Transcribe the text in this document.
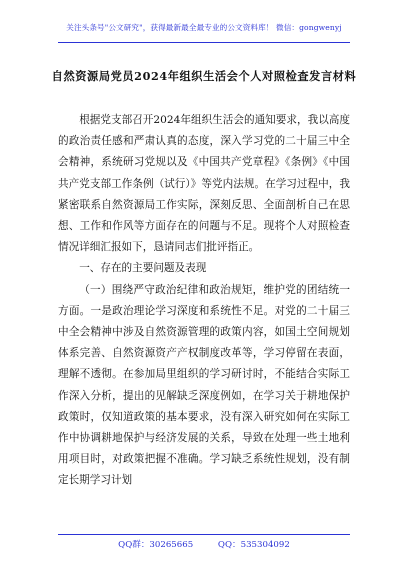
关注头条号"公文研究"，获得最新最全最专业的公文资料库！ 微信：gongwenyj
自然资源局党员2024年组织生活会个人对照检查发言材料

根据党支部召开2024年组织生活会的通知要求，我以高度的政治责任感和严肃认真的态度，深入学习党的二十届三中全会精神，系统研习党规以及《中国共产党章程》《条例》《中国共产党支部工作条例（试行）》等党内法规。在学习过程中，我紧密联系自然资源局工作实际，深刻反思、全面剖析自己在思想、工作和作风等方面存在的问题与不足。现将个人对照检查情况详细汇报如下，恳请同志们批评指正。

一、存在的主要问题及表现

（一）围绕严守政治纪律和政治规矩，维护党的团结统一方面。一是政治理论学习深度和系统性不足。对党的二十届三中全会精神中涉及自然资源管理的政策内容，如国土空间规划体系完善、自然资源资产产权制度改革等，学习停留在表面，理解不透彻。在参加局里组织的学习研讨时，不能结合实际工作深入分析，提出的见解缺乏深度例如，在学习关于耕地保护政策时，仅知道政策的基本要求，没有深入研究如何在实际工作中协调耕地保护与经济发展的关系，导致在处理一些土地利用项目时，对政策把握不准确。学习缺乏系统性规划，没有制定长期学习计划

QQ群：30265665	QQ：535304092
